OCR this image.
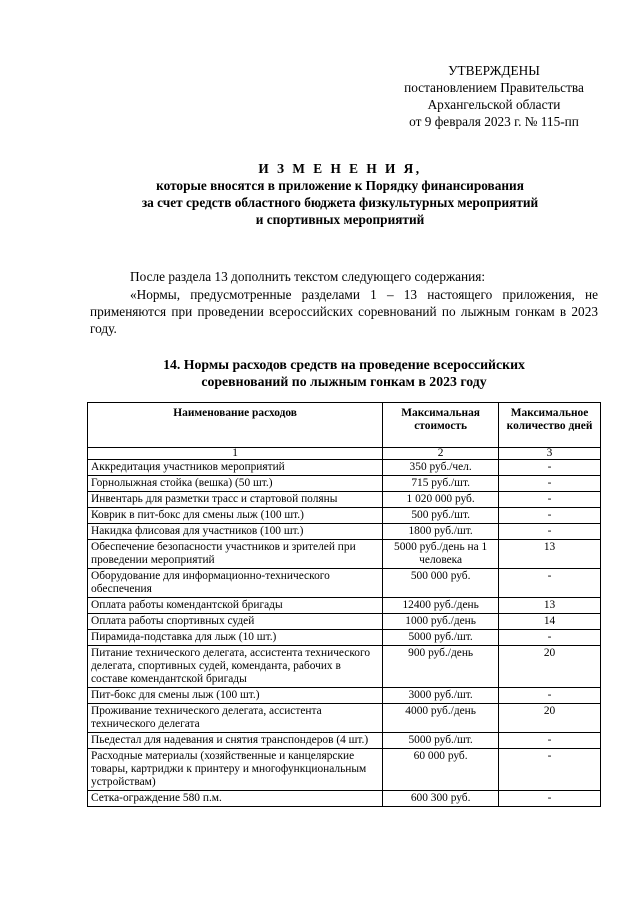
УТВЕРЖДЕНЫ
постановлением Правительства
Архангельской области
от 9 февраля 2023 г. № 115-пп
И З М Е Н Е Н И Я,
которые вносятся в приложение к Порядку финансирования
за счет средств областного бюджета физкультурных мероприятий
и спортивных мероприятий
После раздела 13 дополнить текстом следующего содержания:
«Нормы, предусмотренные разделами 1 – 13 настоящего приложения, не применяются при проведении всероссийских соревнований по лыжным гонкам в 2023 году.
14. Нормы расходов средств на проведение всероссийских
соревнований по лыжным гонкам в 2023 году
Наименование расходов	Максимальная стоимость	Максимальное количество дней
1	2	3
Аккредитация участников мероприятий	350 руб./чел.	-
Горнолыжная стойка (вешка) (50 шт.)	715 руб./шт.	-
Инвентарь для разметки трасс и стартовой поляны	1 020 000 руб.	-
Коврик в пит-бокс для смены лыж (100 шт.)	500 руб./шт.	-
Накидка флисовая для участников (100 шт.)	1800 руб./шт.	-
Обеспечение безопасности участников и зрителей при проведении мероприятий	5000 руб./день на 1 человека	13
Оборудование для информационно-технического обеспечения	500 000 руб.	-
Оплата работы комендантской бригады	12400 руб./день	13
Оплата работы спортивных судей	1000 руб./день	14
Пирамида-подставка для лыж (10 шт.)	5000 руб./шт.	-
Питание технического делегата, ассистента технического делегата, спортивных судей, коменданта, рабочих в составе комендантской бригады	900 руб./день	20
Пит-бокс для смены лыж (100 шт.)	3000 руб./шт.	-
Проживание технического делегата, ассистента технического делегата	4000 руб./день	20
Пьедестал для надевания и снятия транспондеров (4 шт.)	5000 руб./шт.	-
Расходные материалы (хозяйственные и канцелярские товары, картриджи к принтеру и многофункциональным устройствам)	60 000 руб.	-
Сетка-ограждение 580 п.м.	600 300 руб.	-
